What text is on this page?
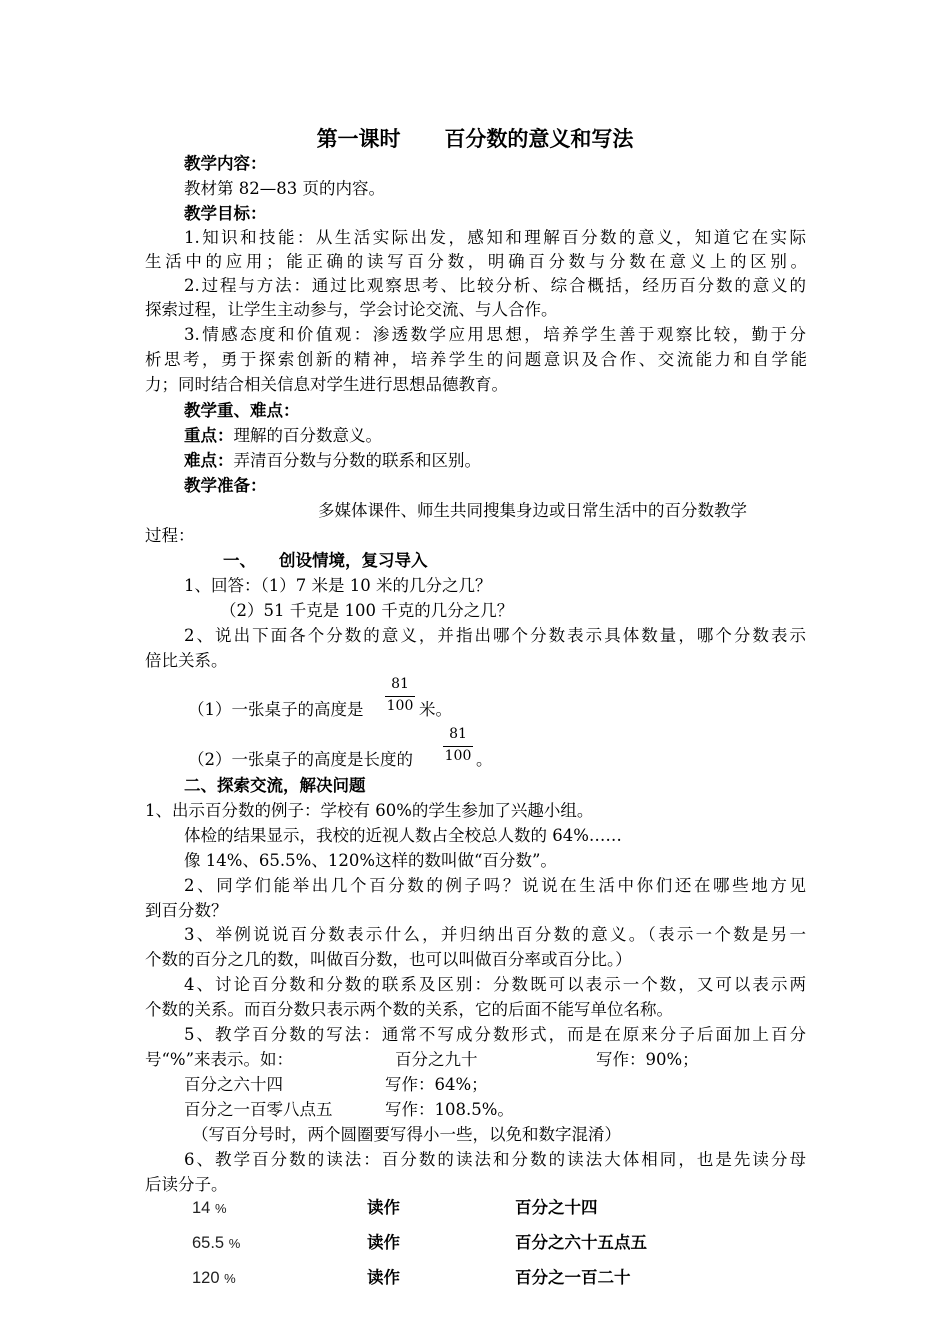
第一课时      百分数的意义和写法
教学内容：
教材第 82—83 页的内容。
教学目标：
1.知识和技能：从生活实际出发，感知和理解百分数的意义，知道它在实际
生活中的应用；能正确的读写百分数，明确百分数与分数在意义上的区别。
2.过程与方法：通过比观察思考、比较分析、综合概括，经历百分数的意义的
探索过程，让学生主动参与，学会讨论交流、与人合作。
3.情感态度和价值观：渗透数学应用思想，培养学生善于观察比较，勤于分
析思考，勇于探索创新的精神，培养学生的问题意识及合作、交流能力和自学能
力；同时结合相关信息对学生进行思想品德教育。
教学重、难点：
重点：理解的百分数意义。
难点：弄清百分数与分数的联系和区别。
教学准备：
多媒体课件、师生共同搜集身边或日常生活中的百分数教学
过程：
一、    创设情境，复习导入
1、回答：（1）7 米是 10 米的几分之几？
（2）51 千克是 100 千克的几分之几？
2、说出下面各个分数的意义，并指出哪个分数表示具体数量，哪个分数表示
倍比关系。
（1）一张桌子的高度是
81
100 米。
（2）一张桌子的高度是长度的
81
100 。
二、探索交流，解决问题
1、出示百分数的例子：学校有 60%的学生参加了兴趣小组。
体检的结果显示，我校的近视人数占全校总人数的 64%……
像 14%、65.5%、120%这样的数叫做“百分数”。
2、同学们能举出几个百分数的例子吗？说说在生活中你们还在哪些地方见
到百分数？
3、举例说说百分数表示什么，并归纳出百分数的意义。（表示一个数是另一
个数的百分之几的数，叫做百分数，也可以叫做百分率或百分比。）
4、讨论百分数和分数的联系及区别：分数既可以表示一个数，又可以表示两
个数的关系。而百分数只表示两个数的关系，它的后面不能写单位名称。
5、教学百分数的写法：通常不写成分数形式，而是在原来分子后面加上百分
号“%”来表示。如：	百分之九十	写作：90%；
百分之六十四	写作：64%；
百分之一百零八点五	写作：108.5%。
（写百分号时，两个圆圈要写得小一些，以免和数字混淆）
6、教学百分数的读法：百分数的读法和分数的读法大体相同，也是先读分母
后读分子。
14 %	读作	百分之十四
65.5 %	读作	百分之六十五点五
120 %	读作	百分之一百二十
